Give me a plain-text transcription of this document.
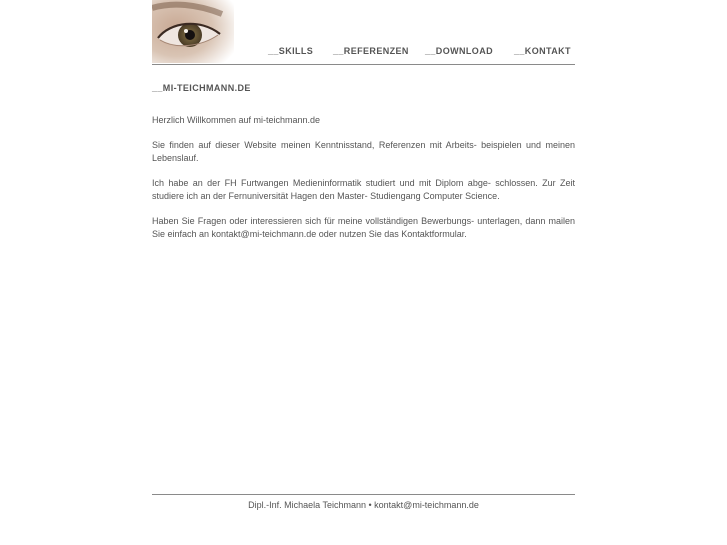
__SKILLS __REFERENZEN __DOWNLOAD __KONTAKT
__MI-TEICHMANN.DE

Herzlich Willkommen auf mi-teichmann.de

Sie finden auf dieser Website meinen Kenntnisstand, Referenzen mit Arbeits- beispielen und meinen Lebenslauf.

Ich habe an der FH Furtwangen Medieninformatik studiert und mit Diplom abge- schlossen. Zur Zeit studiere ich an der Fernuniversität Hagen den Master- Studiengang Computer Science.

Haben Sie Fragen oder interessieren sich für meine vollständigen Bewerbungs- unterlagen, dann mailen Sie einfach an kontakt@mi-teichmann.de oder nutzen Sie das Kontaktformular.

Dipl.-Inf. Michaela Teichmann • kontakt@mi-teichmann.de
